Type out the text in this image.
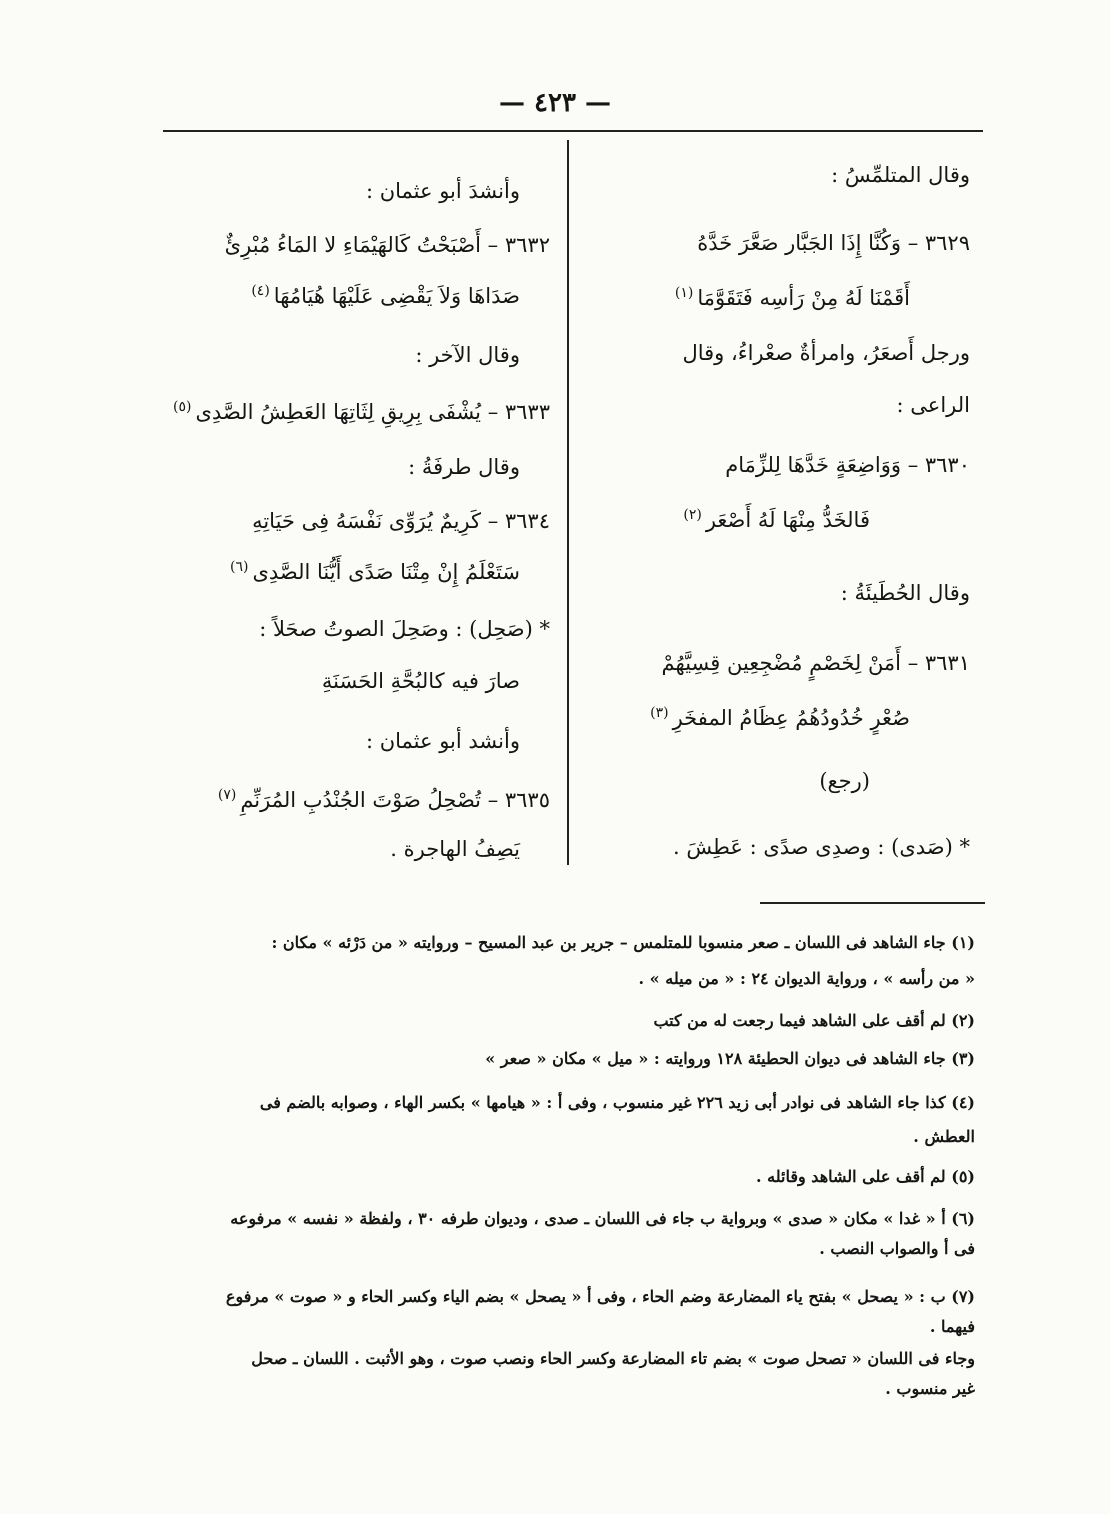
— ٤٢٣ —
وقال المتلمِّسُ :
٣٦٢٩ – وَكُنَّا إِذَا الجَبَّار صَعَّرَ خَدَّهُ
أَقَمْنَا لَهُ مِنْ رَأسِه فَتَقَوَّمَا$^{(١)}$
ورجل أَصعَرُ، وامرأةٌ صعْراءُ، وقال
الراعى :
٣٦٣٠ – وَوَاضِعَةٍ خَدَّهَا لِلزِّمَام
فَالخَدُّ مِنْهَا لَهُ أَصْعَر$^{(٢)}$
وقال الحُطَيئَةُ :
٣٦٣١ – أَمَنْ لِخَصْمٍ مُضْجِعِين قِسِيَّهُمْ
صُعْرٍ خُدُودُهُمُ عِظَامُ المفخَرِ$^{(٣)}$
(رجع)
* (صَدى) : وصدِى صدًى : عَطِشَ .
وأنشدَ أبو عثمان :
٣٦٣٢ – أَصْبَحْتُ كَالهَيْمَاءِ لا المَاءُ مُبْرِئٌ
صَدَاهَا وَلاَ يَقْضِى عَلَيْهَا هُيَامُهَا$^{(٤)}$
وقال الآخر :
٣٦٣٣ – يُشْفَى بِرِيقِ لِثَاتِهَا العَطِشُ الصَّدِى$^{(٥)}$
وقال طرفَةُ :
٣٦٣٤ – كَرِيمٌ يُرَوِّى نَفْسَهُ فِى حَيَاتِهِ
سَتَعْلَمُ إِنْ مِتْنَا صَدًى أَيُّنَا الصَّدِى$^{(٦)}$
* (صَحِل) : وصَحِلَ الصوتُ صحَلاً :
صارَ فيه كالبُحَّةِ الحَسَنَةِ
وأنشد أبو عثمان :
٣٦٣٥ – تُصْحِلُ صَوْتَ الجُنْدُبِ المُرَنِّمِ$^{(٧)}$
يَصِفُ الهاجرة .
(١) جاء الشاهد فى اللسان ـ صعر منسوبا للمتلمس – جرير بن عبد المسيح – وروايته « من دَرْئه » مكان :
« من رأسه » ، ورواية الديوان ٢٤ : « من ميله » .
(٢) لم أقف على الشاهد فيما رجعت له من كتب
(٣) جاء الشاهد فى ديوان الحطيئة ١٢٨ وروايته : « ميل » مكان « صعر »
(٤) كذا جاء الشاهد فى نوادر أبى زيد ٢٢٦ غير منسوب ، وفى أ : « هيامها » بكسر الهاء ، وصوابه بالضم فى
العطش .
(٥) لم أقف على الشاهد وقائله .
(٦) أ « غدا » مكان « صدى » وبرواية ب جاء فى اللسان ـ صدى ، وديوان طرفه ٣٠ ، ولفظة « نفسه » مرفوعه
فى أ والصواب النصب .
(٧) ب : « يصحل » بفتح ياء المضارعة وضم الحاء ، وفى أ « يصحل » بضم الياء وكسر الحاء و « صوت » مرفوع
فيهما .
وجاء فى اللسان « تصحل صوت » بضم تاء المضارعة وكسر الحاء ونصب صوت ، وهو الأثبت . اللسان ـ صحل
غير منسوب .
